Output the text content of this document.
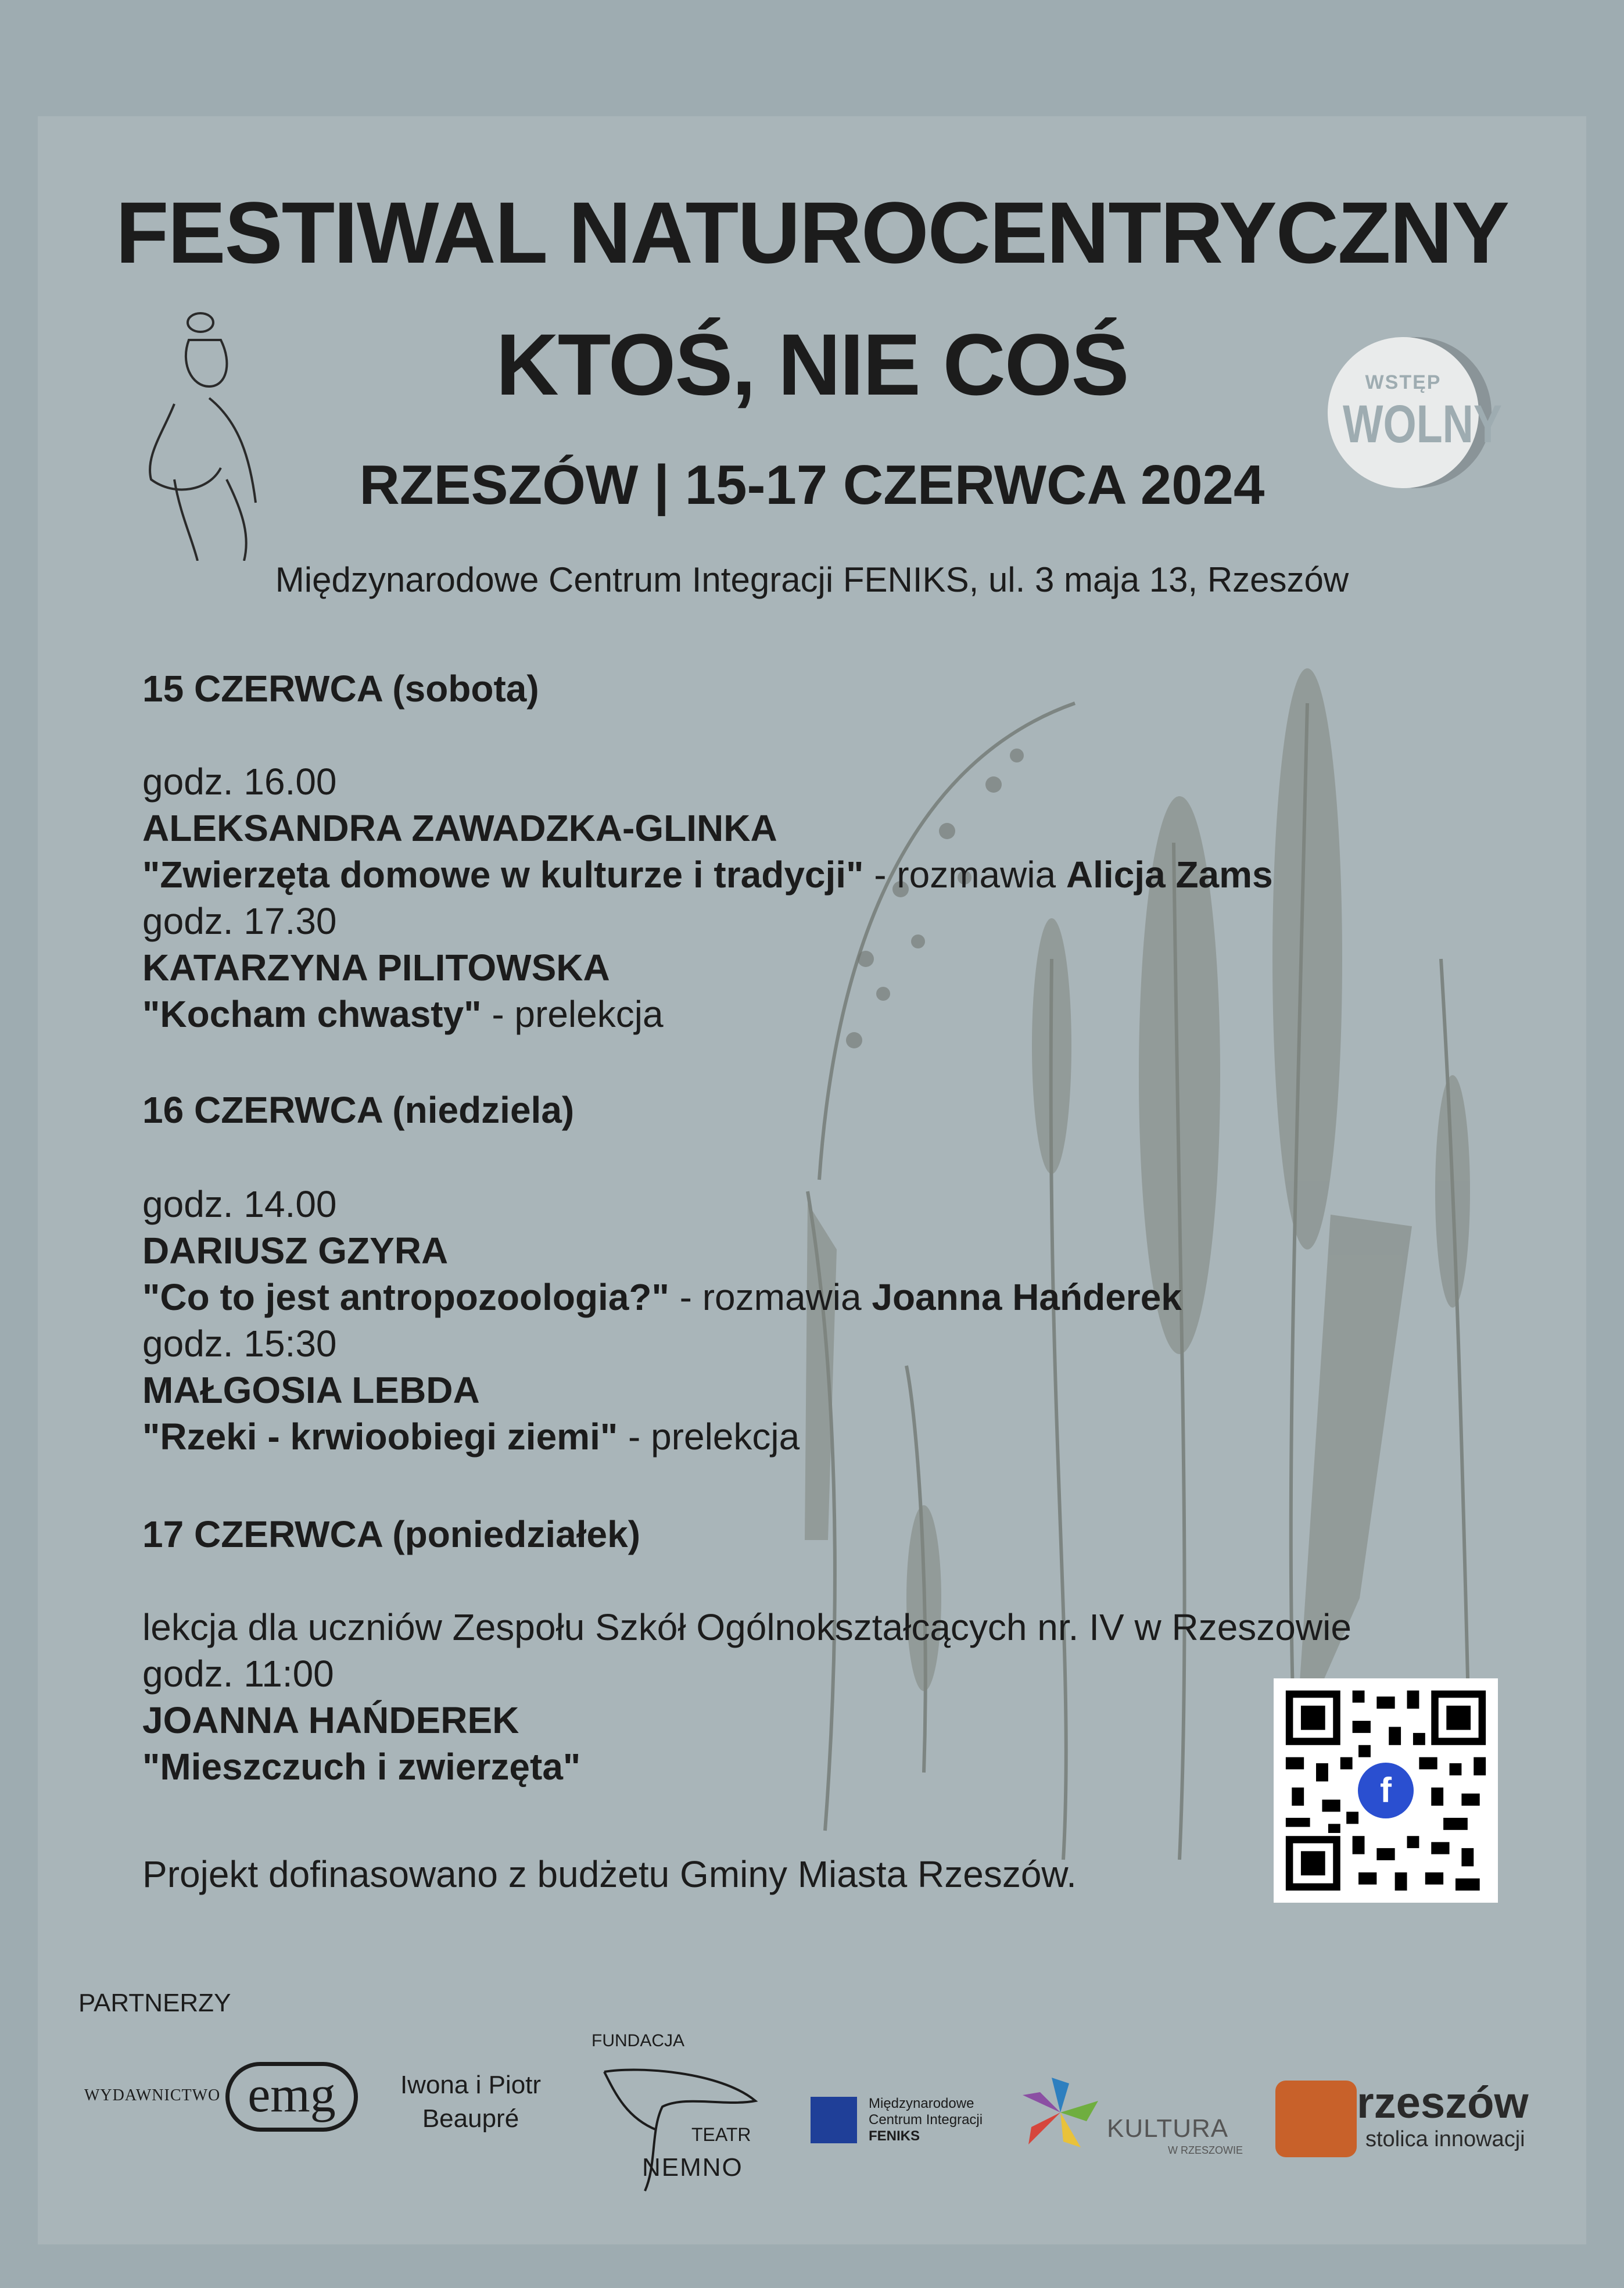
FESTIWAL NATUROCENTRYCZNY
KTOŚ, NIE COŚ
RZESZÓW | 15-17 CZERWCA 2024
Międzynarodowe Centrum Integracji FENIKS, ul. 3 maja 13, Rzeszów
WSTĘP
WOLNY
15 CZERWCA (sobota)
godz. 16.00
ALEKSANDRA ZAWADZKA-GLINKA
"Zwierzęta domowe w kulturze i tradycji" - rozmawia Alicja Zams
godz. 17.30
KATARZYNA PILITOWSKA
"Kocham chwasty" - prelekcja
16 CZERWCA (niedziela)
godz. 14.00
DARIUSZ GZYRA
"Co to jest antropozoologia?" - rozmawia Joanna Hańderek
godz. 15:30
MAŁGOSIA LEBDA
"Rzeki - krwioobiegi ziemi" - prelekcja
17 CZERWCA (poniedziałek)
lekcja dla uczniów Zespołu Szkół Ogólnokształcących nr. IV w Rzeszowie
godz. 11:00
JOANNA HAŃDEREK
"Mieszczuch i zwierzęta"
Projekt dofinasowano z budżetu Gminy Miasta Rzeszów.
f
PARTNERZY
WYDAWNICTWO emg	Iwona i Piotr
Beaupré
FUNDACJA
TEATR
NEMNO
Międzynarodowe
Centrum Integracji
FENIKS	KULTURA
W RZESZOWIE
rzeszów
stolica innowacji
